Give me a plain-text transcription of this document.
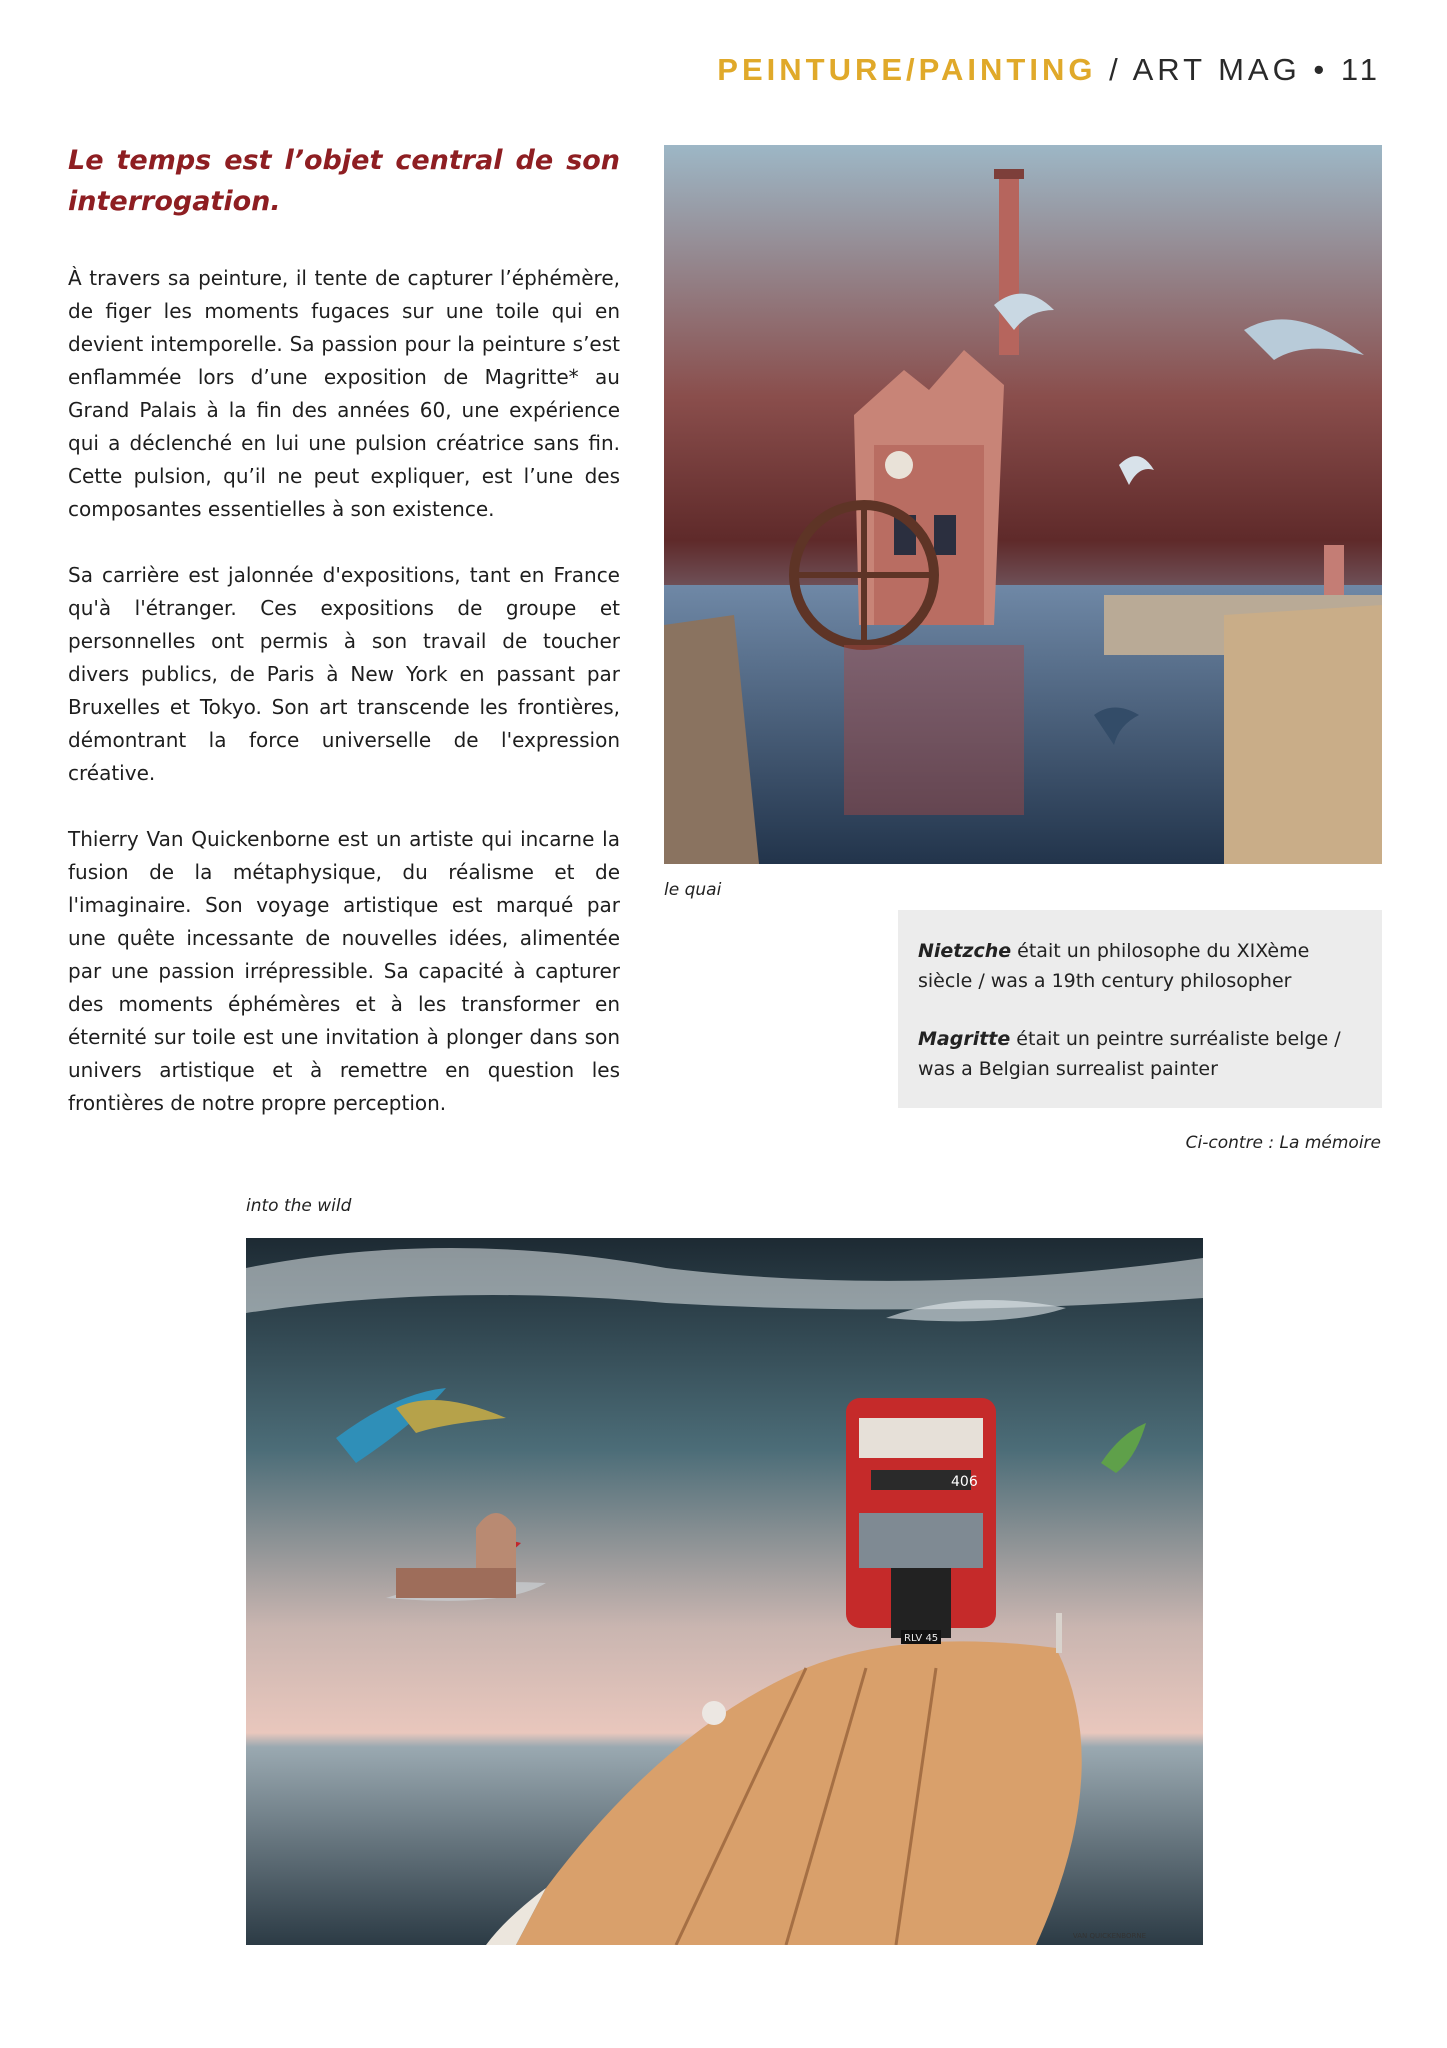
PEINTURE/PAINTING / ART MAG • 11
Le temps est l’objet central de son interrogation.

À travers sa peinture, il tente de capturer l’éphémère, de figer les moments fugaces sur une toile qui en devient intemporelle. Sa passion pour la peinture s’est enflammée lors d’une exposition de Magritte* au Grand Palais à la fin des années 60, une expérience qui a déclenché en lui une pulsion créatrice sans fin. Cette pulsion, qu’il ne peut expliquer, est l’une des composantes essentielles à son existence.

Sa carrière est jalonnée d'expositions, tant en France qu'à l'étranger. Ces expositions de groupe et personnelles ont permis à son travail de toucher divers publics, de Paris à New York en passant par Bruxelles et Tokyo. Son art transcende les frontières, démontrant la force universelle de l'expression créative.

Thierry Van Quickenborne est un artiste qui incarne la fusion de la métaphysique, du réalisme et de l'imaginaire. Son voyage artistique est marqué par une quête incessante de nouvelles idées, alimentée par une passion irrépressible. Sa capacité à capturer des moments éphémères et à les transformer en éternité sur toile est une invitation à plonger dans son univers artistique et à remettre en question les frontières de notre propre perception.

le quai

Nietzche était un philosophe du XIXème siècle / was a 19th century philosopher

Magritte était un peintre surréaliste belge / was a Belgian surrealist painter

Ci-contre : La mémoire
into the wild
406
RLV 45
VAN QUICKENBORNE
